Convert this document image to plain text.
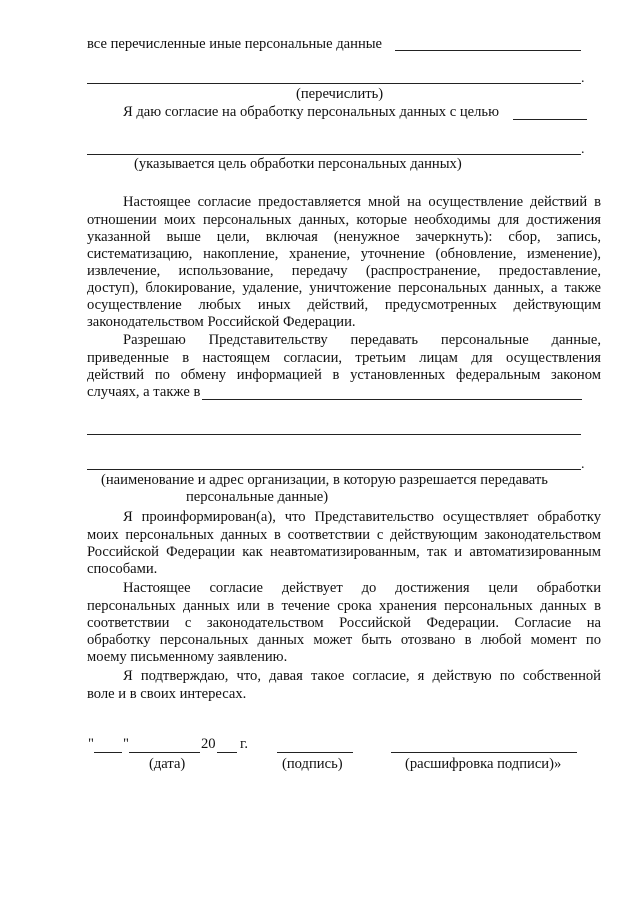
все перечисленные иные персональные данные
.
(перечислить)
Я даю согласие на обработку персональных данных с целью
.
(указывается цель обработки персональных данных)
Настоящее согласие предоставляется мной на осуществление действий в
отношении моих персональных данных, которые необходимы для достижения
указанной выше цели, включая (ненужное зачеркнуть): сбор, запись,
систематизацию, накопление, хранение, уточнение (обновление, изменение),
извлечение, использование, передачу (распространение, предоставление,
доступ), блокирование, удаление, уничтожение персональных данных, а также
осуществление любых иных действий, предусмотренных действующим
законодательством Российской Федерации.
Разрешаю Представительству передавать персональные данные,
приведенные в настоящем согласии, третьим лицам для осуществления
действий по обмену информацией в установленных федеральным законом
случаях, а также в
.
(наименование и адрес организации, в которую разрешается передавать
персональные данные)
Я проинформирован(а), что Представительство осуществляет обработку
моих персональных данных в соответствии с действующим законодательством
Российской Федерации как неавтоматизированным, так и автоматизированным
способами.
Настоящее согласие действует до достижения цели обработки
персональных данных или в течение срока хранения персональных данных в
соответствии с законодательством Российской Федерации. Согласие на
обработку персональных данных может быть отозвано в любой момент по
моему письменному заявлению.
Я подтверждаю, что, давая такое согласие, я действую по собственной
воле и в своих интересах.
" "	20 г.
(дата)	(подпись)	(расшифровка подписи)»
